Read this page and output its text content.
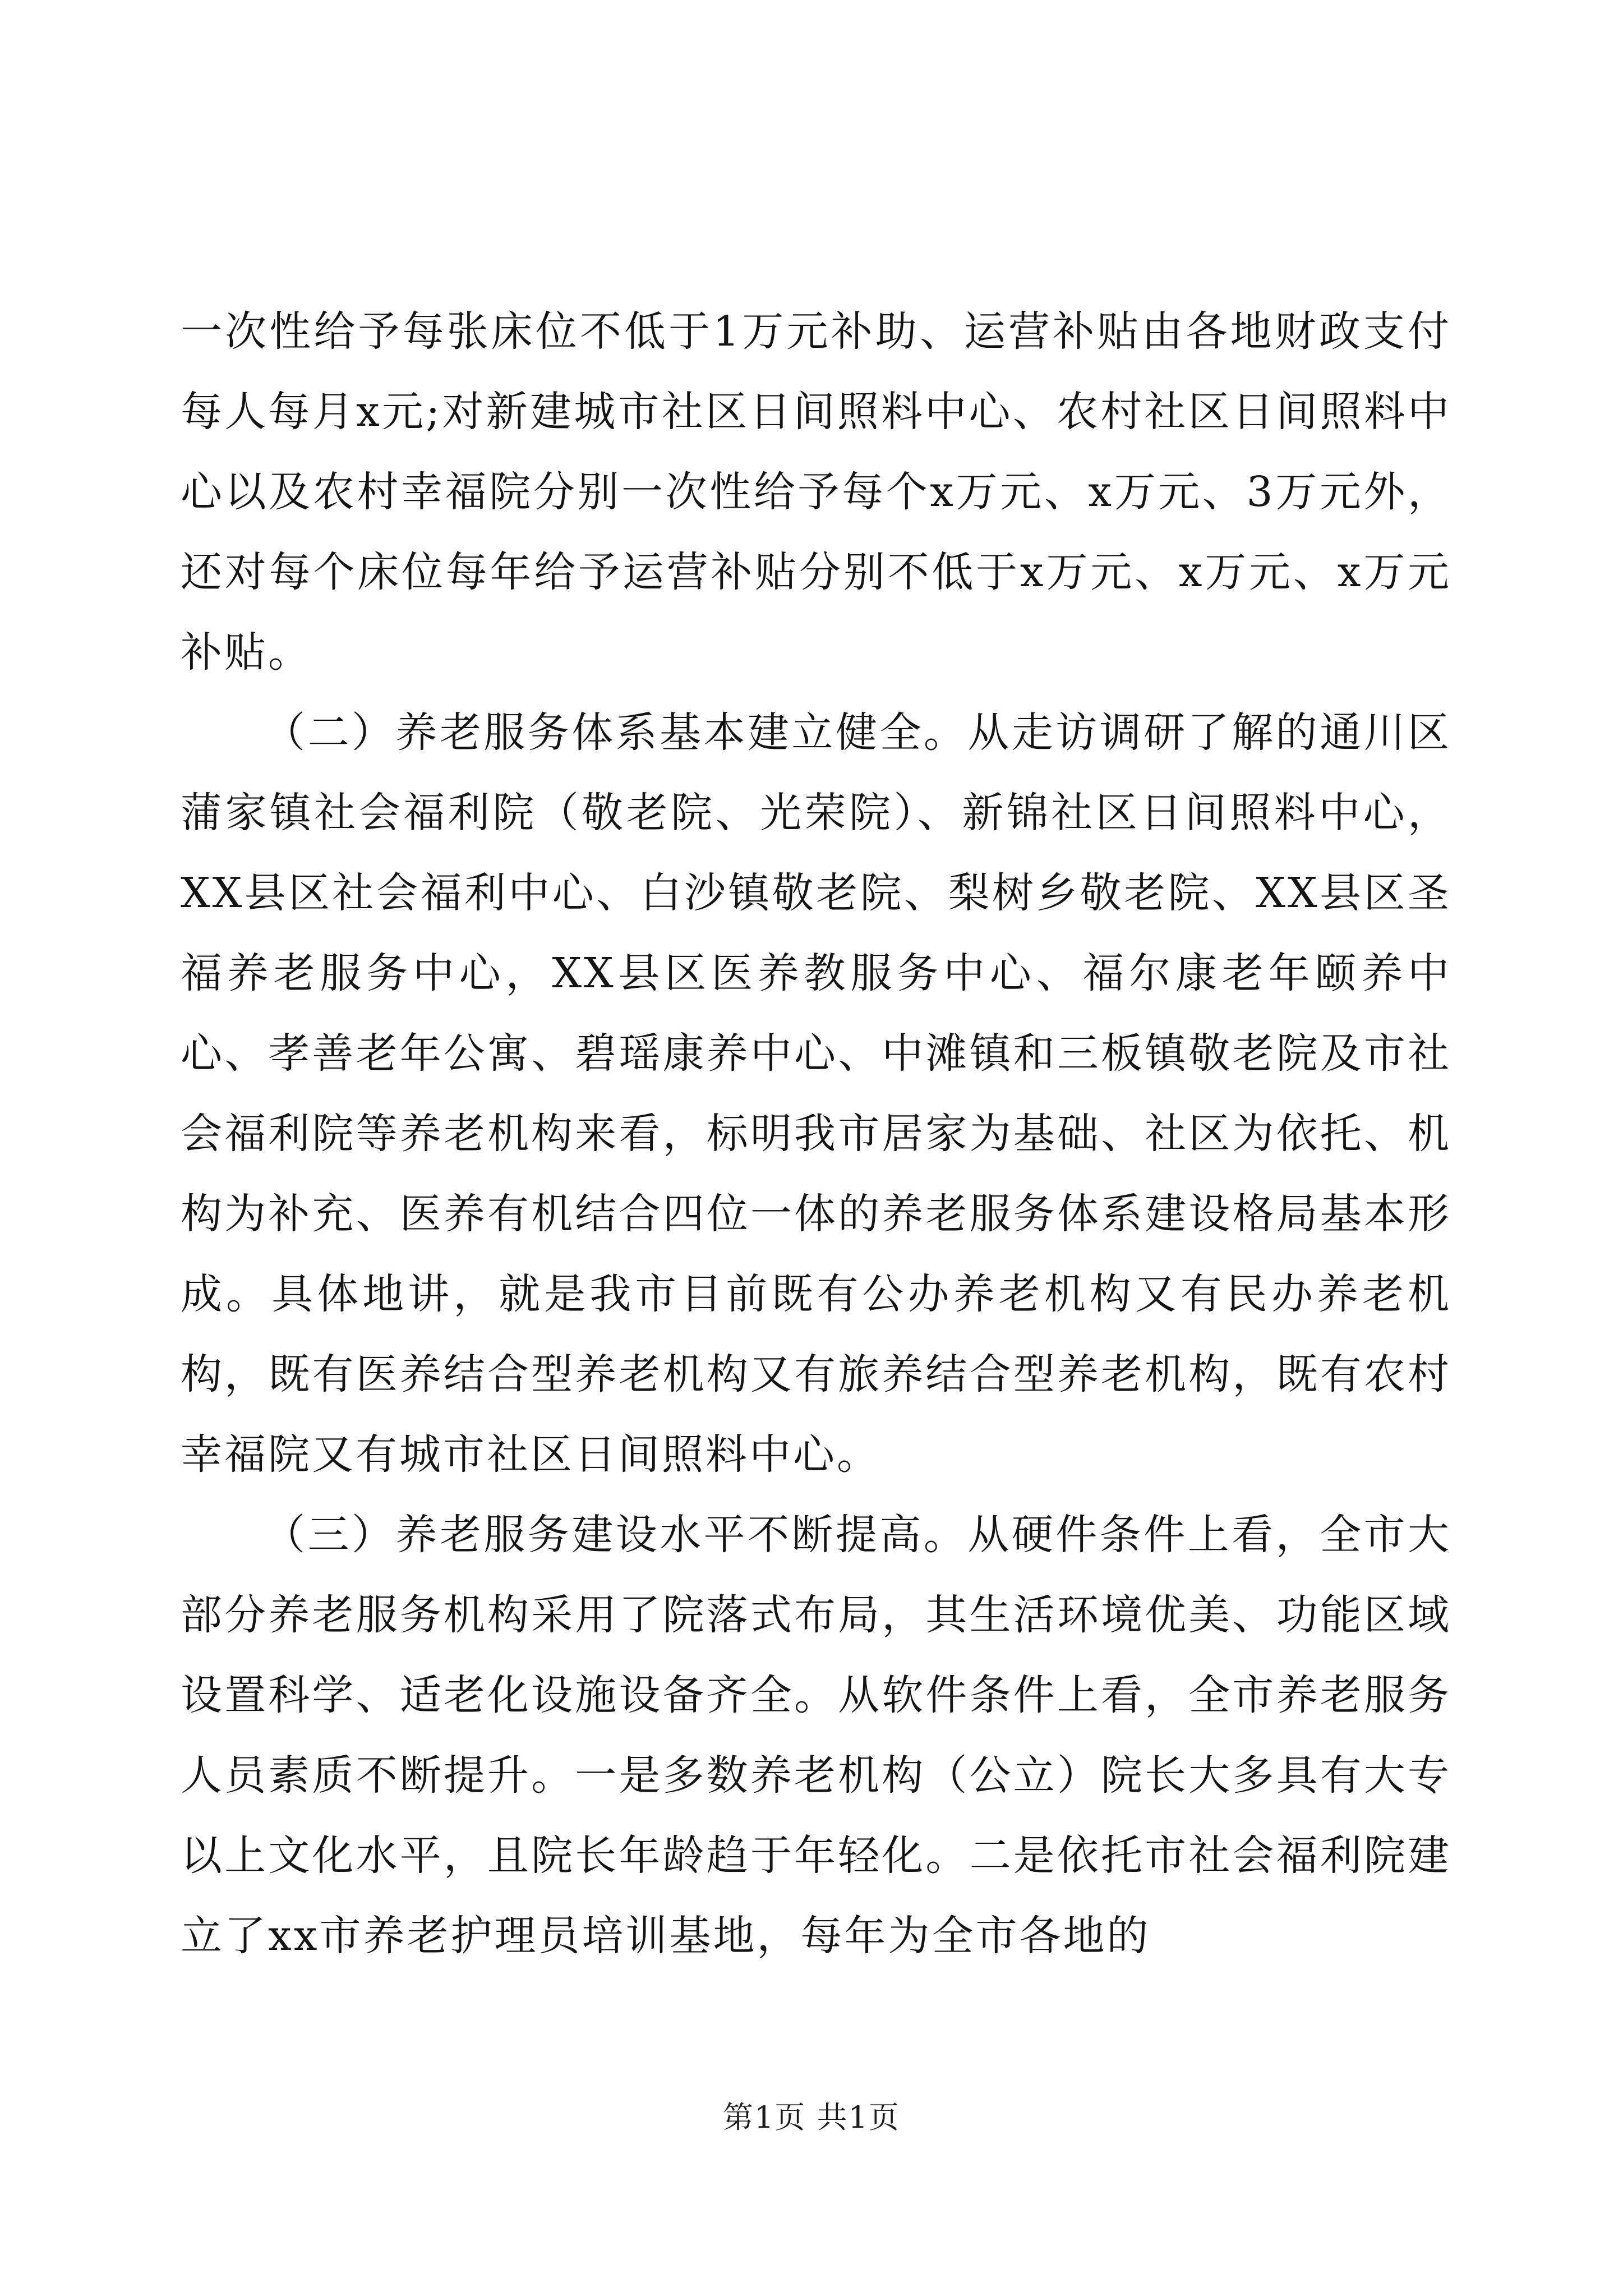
一次性给予每张床位不低于1万元补助、运营补贴由各地财政支付每人每月x元;对新建城市社区日间照料中心、农村社区日间照料中心以及农村幸福院分别一次性给予每个x万元、x万元、3万元外，还对每个床位每年给予运营补贴分别不低于x万元、x万元、x万元补贴。

（二）养老服务体系基本建立健全。从走访调研了解的通川区蒲家镇社会福利院（敬老院、光荣院）、新锦社区日间照料中心，XX县区社会福利中心、白沙镇敬老院、梨树乡敬老院、XX县区圣福养老服务中心，XX县区医养教服务中心、福尔康老年颐养中心、孝善老年公寓、碧瑶康养中心、中滩镇和三板镇敬老院及市社会福利院等养老机构来看，标明我市居家为基础、社区为依托、机构为补充、医养有机结合四位一体的养老服务体系建设格局基本形成。具体地讲，就是我市目前既有公办养老机构又有民办养老机构，既有医养结合型养老机构又有旅养结合型养老机构，既有农村幸福院又有城市社区日间照料中心。

（三）养老服务建设水平不断提高。从硬件条件上看，全市大部分养老服务机构采用了院落式布局，其生活环境优美、功能区域设置科学、适老化设施设备齐全。从软件条件上看，全市养老服务人员素质不断提升。一是多数养老机构（公立）院长大多具有大专以上文化水平，且院长年龄趋于年轻化。二是依托市社会福利院建立了xx市养老护理员培训基地，每年为全市各地的

第1页 共1页
